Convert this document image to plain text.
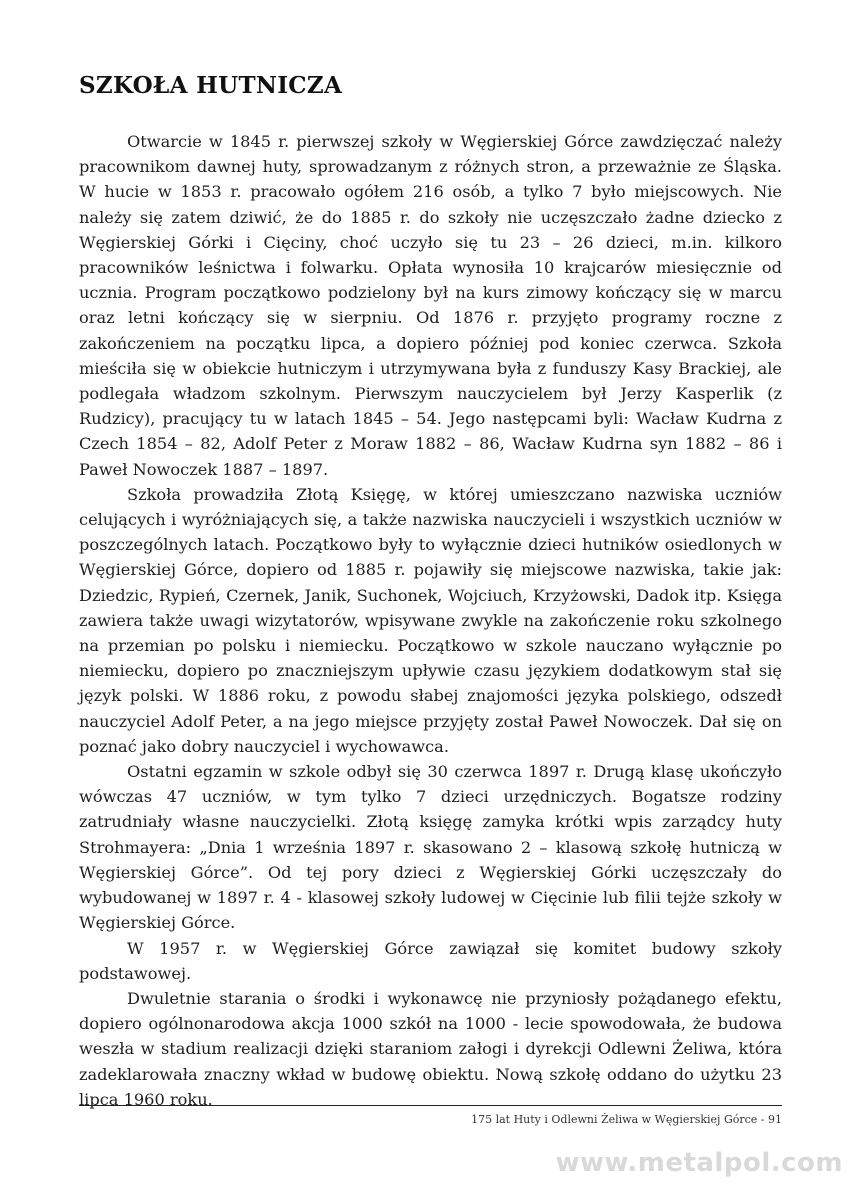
SZKOŁA HUTNICZA

Otwarcie w 1845 r. pierwszej szkoły w Węgierskiej Górce zawdzięczać należy pracownikom dawnej huty, sprowadzanym z różnych stron, a przeważnie ze Śląska. W hucie w 1853 r. pracowało ogółem 216 osób, a tylko 7 było miejscowych. Nie należy się zatem dziwić, że do 1885 r. do szkoły nie uczęszczało żadne dziecko z Węgierskiej Górki i Cięciny, choć uczyło się tu 23 – 26 dzieci, m.in. kilkoro pracowników leśnictwa i folwarku. Opłata wynosiła 10 krajcarów miesięcznie od ucznia. Program początkowo podzielony był na kurs zimowy kończący się w marcu oraz letni kończący się w sierpniu. Od 1876 r. przyjęto programy roczne z zakończeniem na początku lipca, a dopiero później pod koniec czerwca. Szkoła mieściła się w obiekcie hutniczym i utrzymywana była z funduszy Kasy Brackiej, ale podlegała władzom szkolnym. Pierwszym nauczycielem był Jerzy Kasperlik (z Rudzicy), pracujący tu w latach 1845 – 54. Jego następcami byli: Wacław Kudrna z Czech 1854 – 82, Adolf Peter z Moraw 1882 – 86, Wacław Kudrna syn 1882 – 86 i Paweł Nowoczek 1887 – 1897.

Szkoła prowadziła Złotą Księgę, w której umieszczano nazwiska uczniów celujących i wyróżniających się, a także nazwiska nauczycieli i wszystkich uczniów w poszczególnych latach. Początkowo były to wyłącznie dzieci hutników osiedlonych w Węgierskiej Górce, dopiero od 1885 r. pojawiły się miejscowe nazwiska, takie jak: Dziedzic, Rypień, Czernek, Janik, Suchonek, Wojciuch, Krzyżowski, Dadok itp. Księga zawiera także uwagi wizytatorów, wpisywane zwykle na zakończenie roku szkolnego na przemian po polsku i niemiecku. Początkowo w szkole nauczano wyłącznie po niemiecku, dopiero po znaczniejszym upływie czasu językiem dodatkowym stał się język polski. W 1886 roku, z powodu słabej znajomości języka polskiego, odszedł nauczyciel Adolf Peter, a na jego miejsce przyjęty został Paweł Nowoczek. Dał się on poznać jako dobry nauczyciel i wychowawca.

Ostatni egzamin w szkole odbył się 30 czerwca 1897 r. Drugą klasę ukończyło wówczas 47 uczniów, w tym tylko 7 dzieci urzędniczych. Bogatsze rodziny zatrudniały własne nauczycielki. Złotą księgę zamyka krótki wpis zarządcy huty Strohmayera: „Dnia 1 września 1897 r. skasowano 2 – klasową szkołę hutniczą w Węgierskiej Górce”. Od tej pory dzieci z Węgierskiej Górki uczęszczały do wybudowanej w 1897 r. 4 - klasowej szkoły ludowej w Cięcinie lub filii tejże szkoły w Węgierskiej Górce.

W 1957 r. w Węgierskiej Górce zawiązał się komitet budowy szkoły podstawowej.

Dwuletnie starania o środki i wykonawcę nie przyniosły pożądanego efektu, dopiero ogólnonarodowa akcja 1000 szkół na 1000 - lecie spowodowała, że budowa weszła w stadium realizacji dzięki staraniom załogi i dyrekcji Odlewni Żeliwa, która zadeklarowała znaczny wkład w budowę obiektu. Nową szkołę oddano do użytku 23 lipca 1960 roku.

175 lat Huty i Odlewni Żeliwa w Węgierskiej Górce - 91
www.metalpol.com
